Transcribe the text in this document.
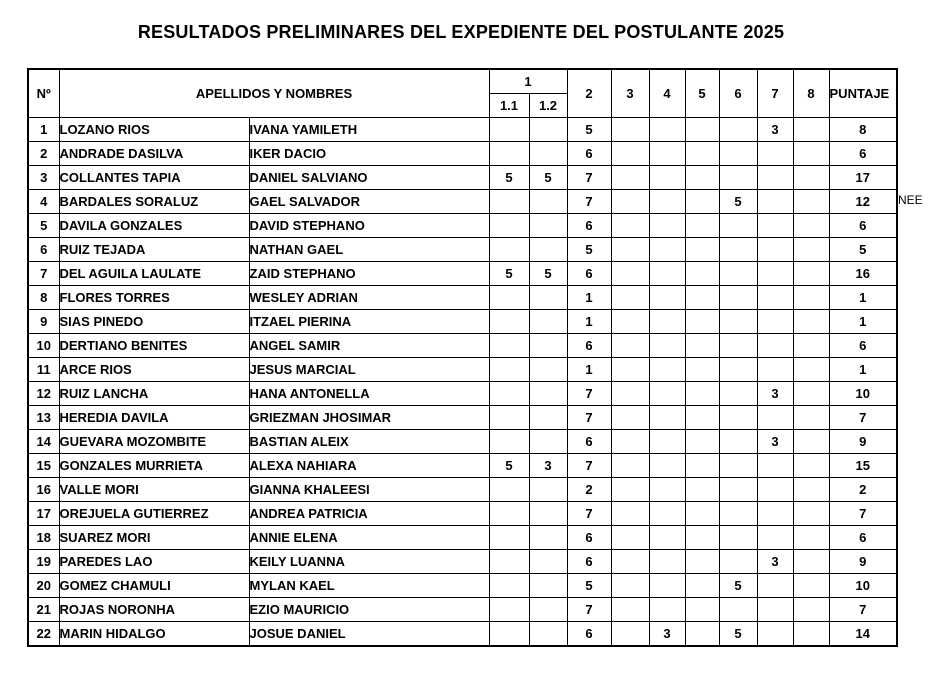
RESULTADOS PRELIMINARES DEL EXPEDIENTE DEL POSTULANTE 2025
Nº	APELLIDOS Y NOMBRES		1		2	3	4	5	6	7	8	PUNTAJE
			1.1	1.2								
1	LOZANO RIOS	IVANA YAMILETH			5					3		8
2	ANDRADE DASILVA	IKER DACIO			6							6
3	COLLANTES TAPIA	DANIEL SALVIANO	5	5	7							17
4	BARDALES SORALUZ	GAEL SALVADOR			7				5			12
5	DAVILA GONZALES	DAVID STEPHANO			6							6
6	RUIZ TEJADA	NATHAN GAEL			5							5
7	DEL AGUILA LAULATE	ZAID STEPHANO	5	5	6							16
8	FLORES TORRES	WESLEY ADRIAN			1							1
9	SIAS PINEDO	ITZAEL PIERINA			1							1
10	DERTIANO BENITES	ANGEL SAMIR			6							6
11	ARCE RIOS	JESUS MARCIAL			1							1
12	RUIZ LANCHA	HANA ANTONELLA			7					3		10
13	HEREDIA DAVILA	GRIEZMAN JHOSIMAR			7							7
14	GUEVARA MOZOMBITE	BASTIAN ALEIX			6					3		9
15	GONZALES MURRIETA	ALEXA NAHIARA	5	3	7							15
16	VALLE MORI	GIANNA KHALEESI			2							2
17	OREJUELA GUTIERREZ	ANDREA PATRICIA			7							7
18	SUAREZ MORI	ANNIE ELENA			6							6
19	PAREDES LAO	KEILY LUANNA			6					3		9
20	GOMEZ CHAMULI	MYLAN KAEL			5				5			10
21	ROJAS NORONHA	EZIO MAURICIO			7							7
22	MARIN HIDALGO	JOSUE DANIEL			6		3		5			14
NEE
